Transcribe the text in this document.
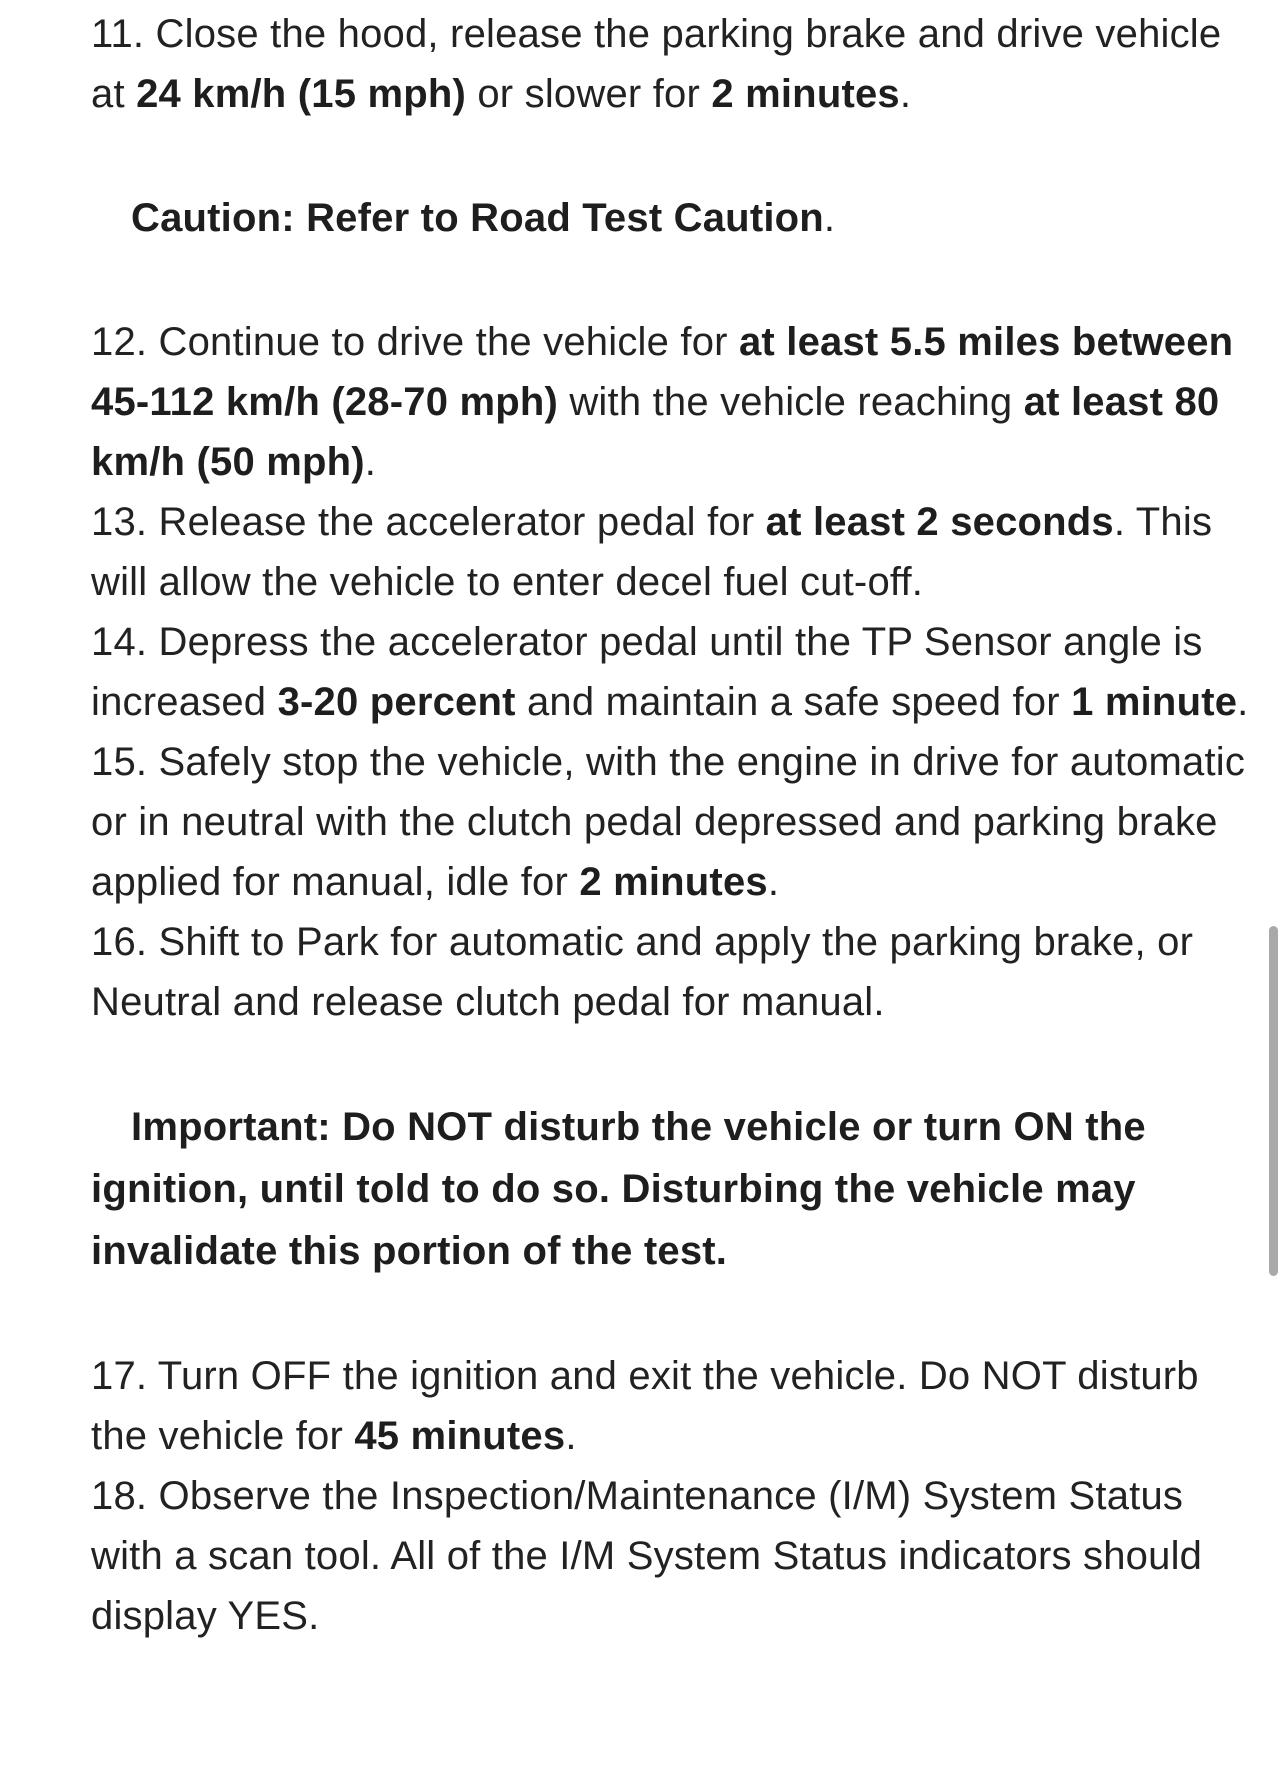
11. Close the hood, release the parking brake and drive vehicle at 24 km/h (15 mph) or slower for 2 minutes.

Caution: Refer to Road Test Caution.

12. Continue to drive the vehicle for at least 5.5 miles between 45-112 km/h (28-70 mph) with the vehicle reaching at least 80 km/h (50 mph).

13. Release the accelerator pedal for at least 2 seconds. This will allow the vehicle to enter decel fuel cut-off.

14. Depress the accelerator pedal until the TP Sensor angle is increased 3-20 percent and maintain a safe speed for 1 minute.

15. Safely stop the vehicle, with the engine in drive for automatic or in neutral with the clutch pedal depressed and parking brake applied for manual, idle for 2 minutes.

16. Shift to Park for automatic and apply the parking brake, or Neutral and release clutch pedal for manual.

Important: Do NOT disturb the vehicle or turn ON the ignition, until told to do so. Disturbing the vehicle may invalidate this portion of the test.

17. Turn OFF the ignition and exit the vehicle. Do NOT disturb the vehicle for 45 minutes.

18. Observe the Inspection/Maintenance (I/M) System Status with a scan tool. All of the I/M System Status indicators should display YES.
